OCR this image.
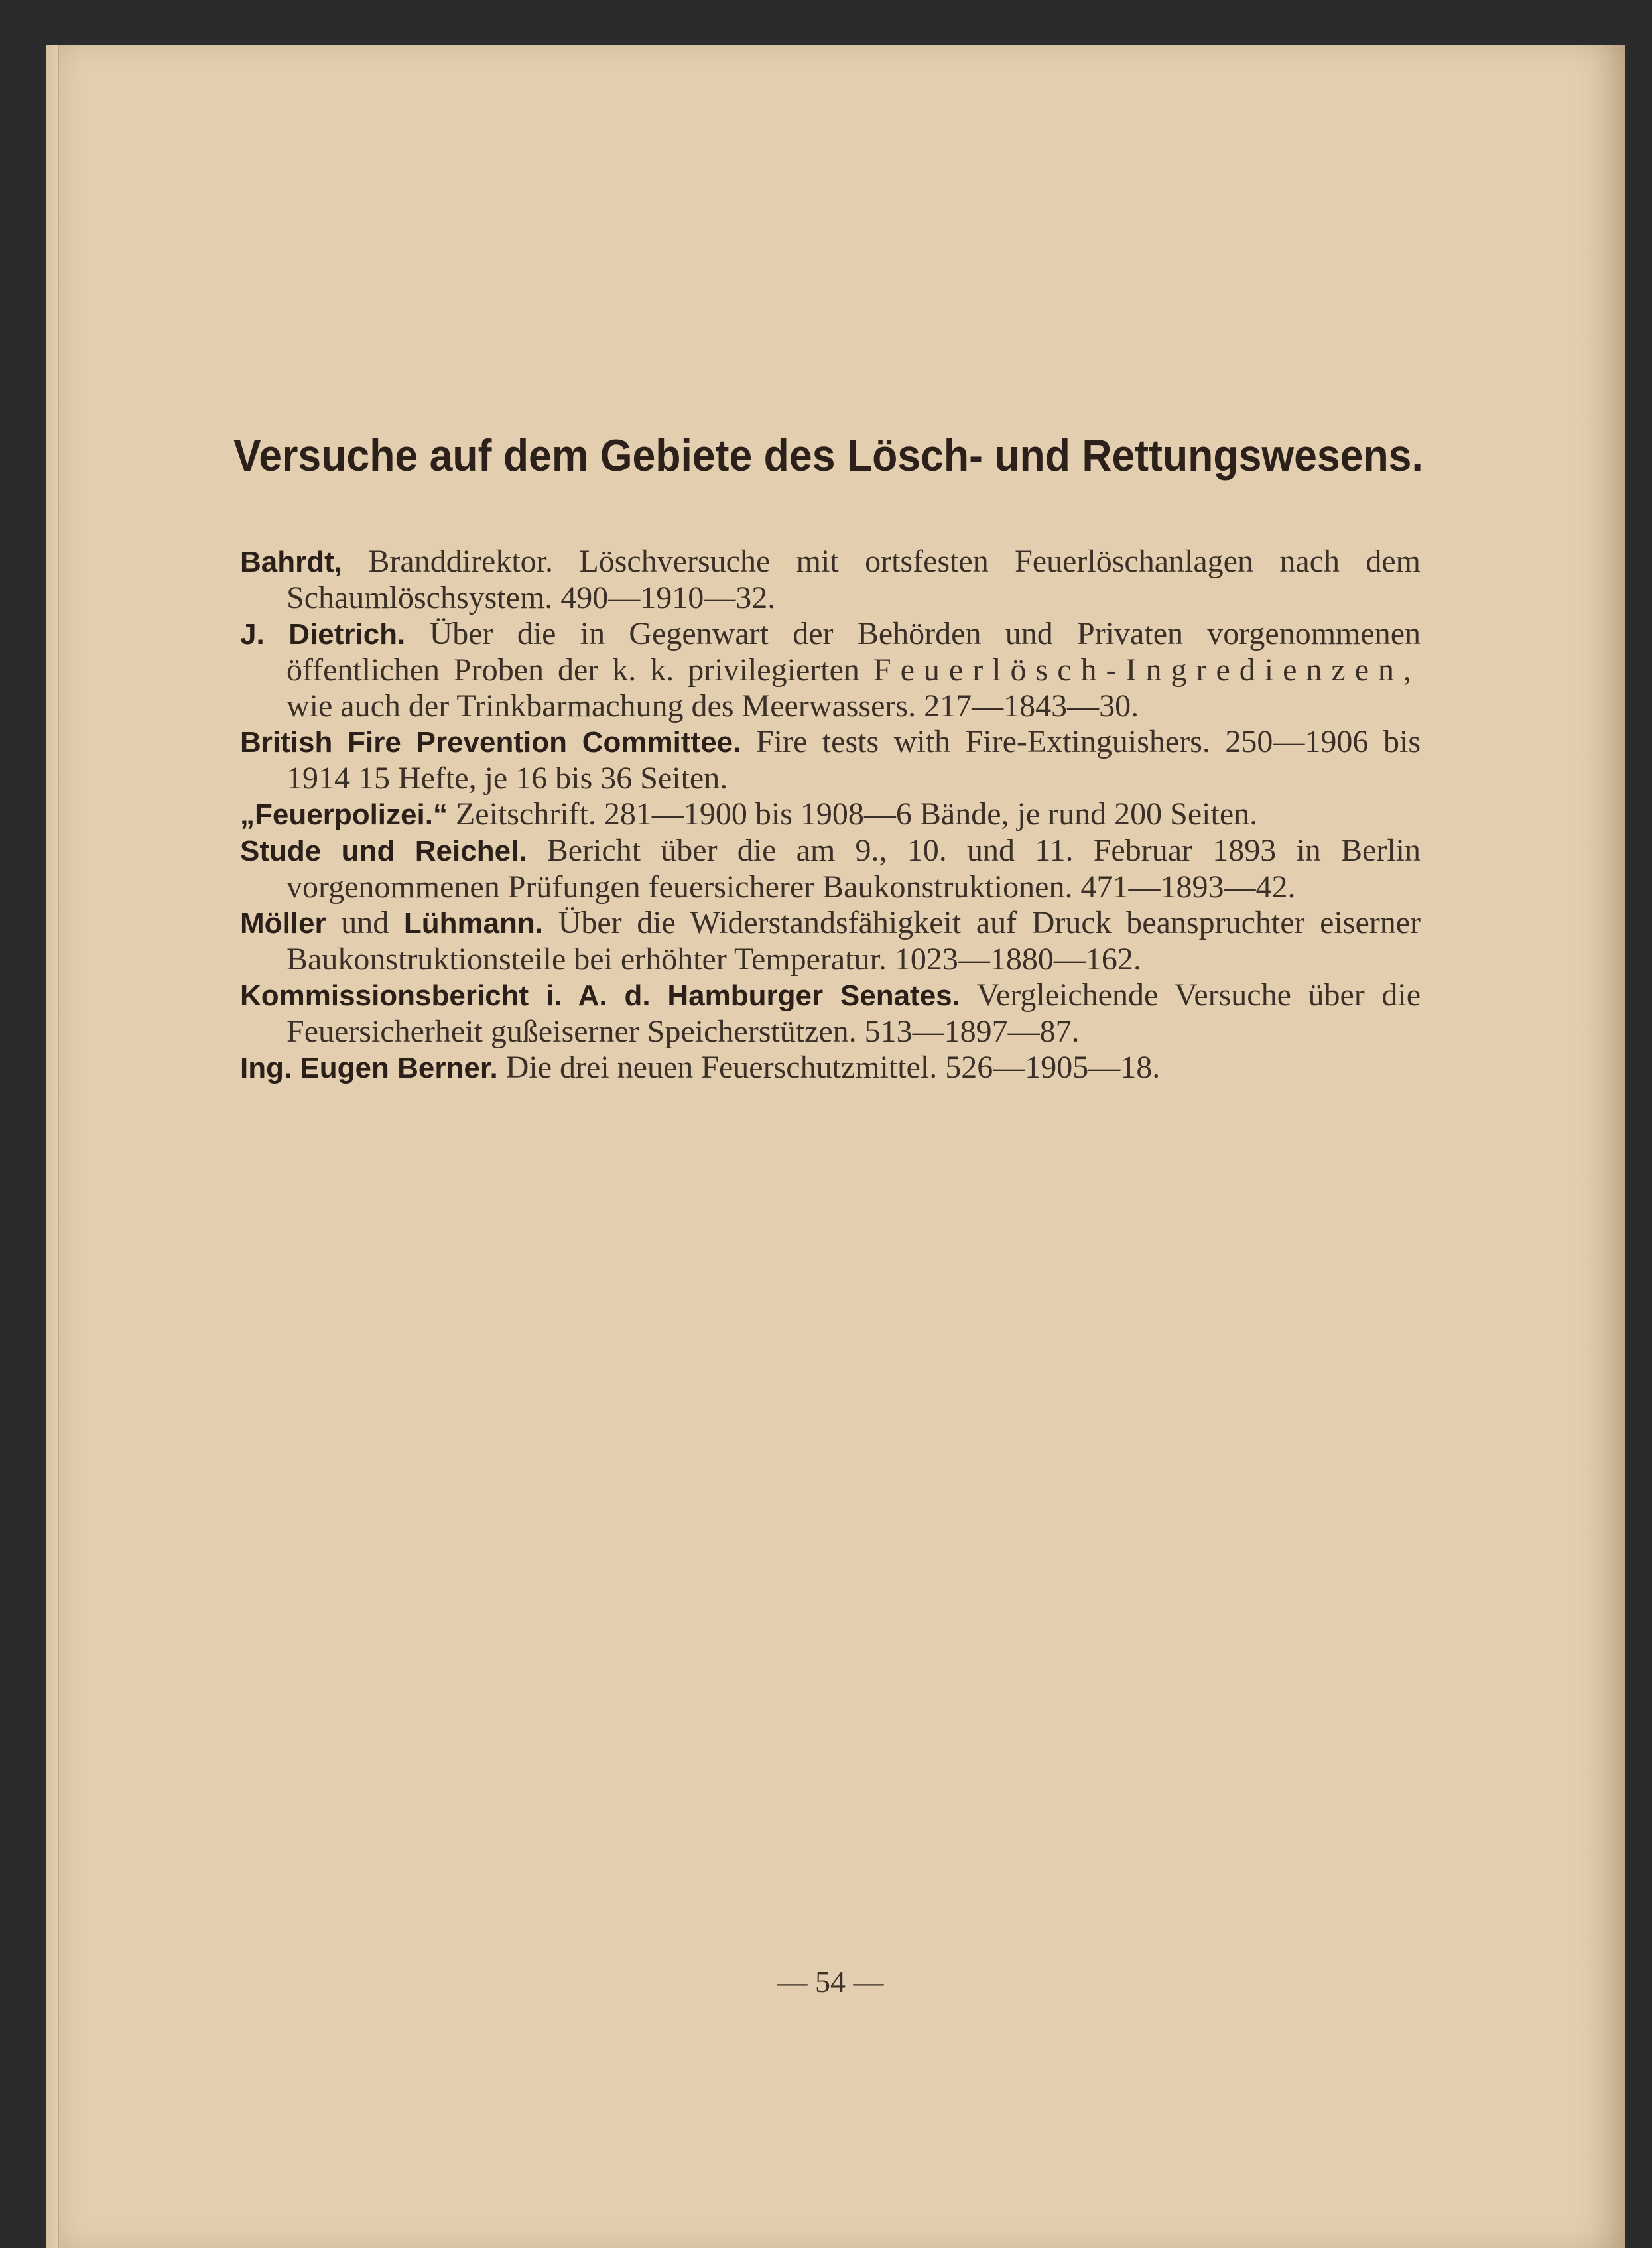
Versuche auf dem Gebiete des Lösch- und Rettungswesens.

Bahrdt, Branddirektor. Löschversuche mit ortsfesten Feuerlöschanlagen nach dem Schaumlöschsystem. 490—1910—32.

J. Dietrich. Über die in Gegenwart der Behörden und Privaten vorgenommenen öffentlichen Proben der k. k. privilegierten Feuerlösch-Ingredienzen, wie auch der Trinkbarmachung des Meerwassers. 217—1843—30.

British Fire Prevention Committee. Fire tests with Fire-Extinguishers. 250—1906 bis 1914 15 Hefte, je 16 bis 36 Seiten.

„Feuerpolizei.“ Zeitschrift. 281—1900 bis 1908—6 Bände, je rund 200 Seiten.

Stude und Reichel. Bericht über die am 9., 10. und 11. Februar 1893 in Berlin vorgenommenen Prüfungen feuersicherer Baukonstruktionen. 471—1893—42.

Möller und Lühmann. Über die Widerstandsfähigkeit auf Druck beanspruchter eiserner Baukonstruktionsteile bei erhöhter Temperatur. 1023—1880—162.

Kommissionsbericht i. A. d. Hamburger Senates. Vergleichende Versuche über die Feuersicherheit gußeiserner Speicherstützen. 513—1897—87.

Ing. Eugen Berner. Die drei neuen Feuerschutzmittel. 526—1905—18.

— 54 —
